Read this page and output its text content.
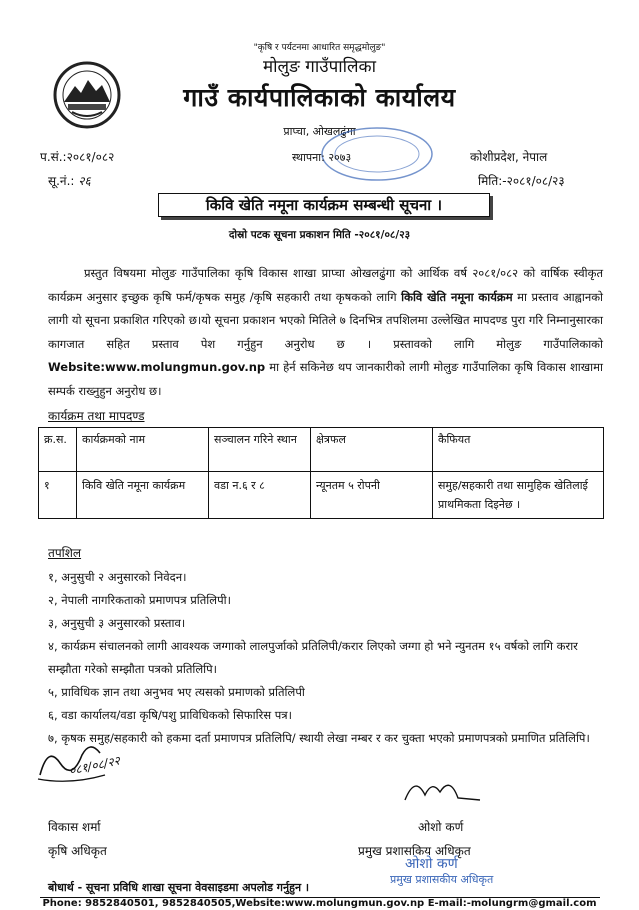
"कृषि र पर्यटनमा आधारित समृद्धमोलुङ"
मोलुङ गाउँपालिका
गाउँ कार्यपालिकाको कार्यालय
प्राप्चा, ओखलढुंगा
प.सं.:२०८१/०८२
सू.नं.: २६
स्थापना: २०७३	कोशीप्रदेश, नेपाल
मिति:-२०८१/०८/२३
किवि खेति नमूना कार्यक्रम सम्बन्धी सूचना ।
दोस्रो पटक सूचना प्रकाशन मिति -२०८१/०८/२३

प्रस्तुत विषयमा मोलुङ गाउँपालिका कृषि विकास शाखा प्राप्चा ओखलढुंगा को आर्थिक वर्ष २०८१/०८२ को वार्षिक स्वीकृत कार्यक्रम अनुसार इच्छुक कृषि फर्म/कृषक समुह /कृषि सहकारी तथा कृषकको लागि किवि खेति नमूना कार्यक्रम मा प्रस्ताव आह्वानको लागी यो सूचना प्रकाशित गरिएको छ।यो सूचना प्रकाशन भएको मितिले ७ दिनभित्र तपशिलमा उल्लेखित मापदण्ड पुरा गरि निम्नानुसारका कागजात सहित प्रस्ताव पेश गर्नुहुन अनुरोध छ । प्रस्तावको लागि मोलुङ गाउँपालिकाको Website:www.molungmun.gov.np मा हेर्न सकिनेछ थप जानकारीको लागी मोलुङ गाउँपालिका कृषि विकास शाखामा सम्पर्क राख्नुहुन अनुरोध छ।

कार्यक्रम तथा मापदण्ड
क्र.स.	कार्यक्रमको नाम	सञ्चालन गरिने स्थान	क्षेत्रफल	कैफियत
१	किवि खेति नमूना कार्यक्रम	वडा न.६ र ८	न्यूनतम ५ रोपनी	समुह/सहकारी तथा सामुहिक खेतिलाई प्राथमिकता दिइनेछ ।
तपशिल
१, अनुसुची २ अनुसारको निवेदन।
२, नेपाली नागरिकताको प्रमाणपत्र प्रतिलिपी।
३, अनुसुची ३ अनुसारको प्रस्ताव।
४, कार्यक्रम संचालनको लागी आवश्यक जग्गाको लालपुर्जाको प्रतिलिपी/करार लिएको जग्गा हो भने न्युनतम १५ वर्षको लागि करार सम्झौता गरेको सम्झौता पत्रको प्रतिलिपि।
५, प्राविधिक ज्ञान तथा अनुभव भए त्यसको प्रमाणको प्रतिलिपी
६, वडा कार्यालय/वडा कृषि/पशु प्राविधिकको सिफारिस पत्र।
७, कृषक समुह/सहकारी को हकमा दर्ता प्रमाणपत्र प्रतिलिपि/ स्थायी लेखा नम्बर र कर चुक्ता भएको प्रमाणपत्रको प्रमाणित प्रतिलिपि।
०८१/०८/२२
विकास शर्मा
कृषि अधिकृत
ओशो कर्ण
प्रमुख प्रशासकिय अधिकृत
ओशो कर्ण
प्रमुख प्रशासकीय अधिकृत
बोधार्थ - सूचना प्रविधि शाखा सूचना वेवसाइडमा अपलोड गर्नुहुन ।
Phone: 9852840501, 9852840505,Website:www.molungmun.gov.np E-mail:-molungrm@gmail.com
